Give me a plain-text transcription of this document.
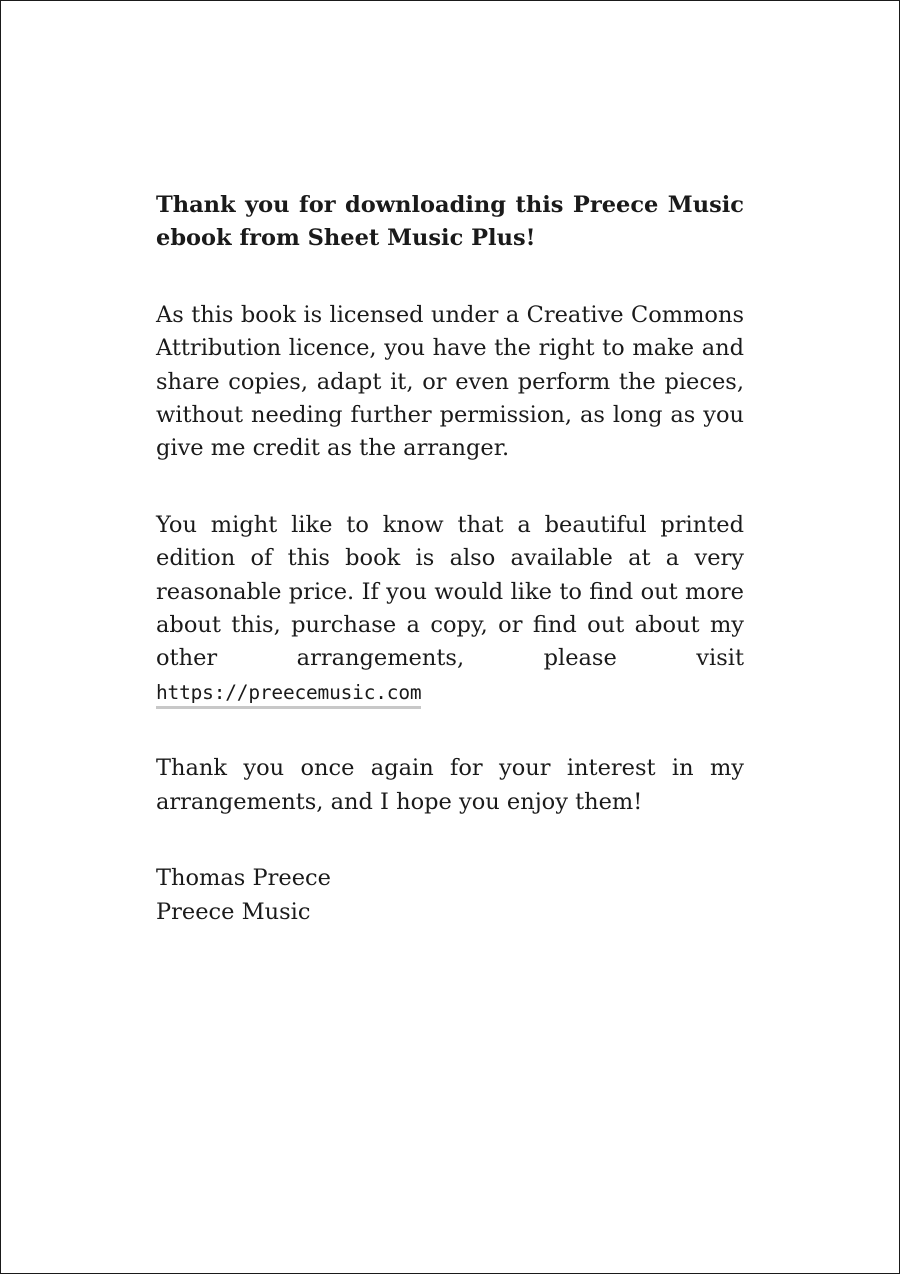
Thank you for downloading this Preece Music ebook from Sheet Music Plus!

As this book is licensed under a Creative Commons Attribution licence, you have the right to make and share copies, adapt it, or even perform the pieces, without needing further permission, as long as you give me credit as the arranger.

You might like to know that a beautiful printed edition of this book is also available at a very reasonable price. If you would like to find out more about this, purchase a copy, or find out about my other arrangements, please visit https://preecemusic.com

Thank you once again for your interest in my arrangements, and I hope you enjoy them!

Thomas Preece
Preece Music
